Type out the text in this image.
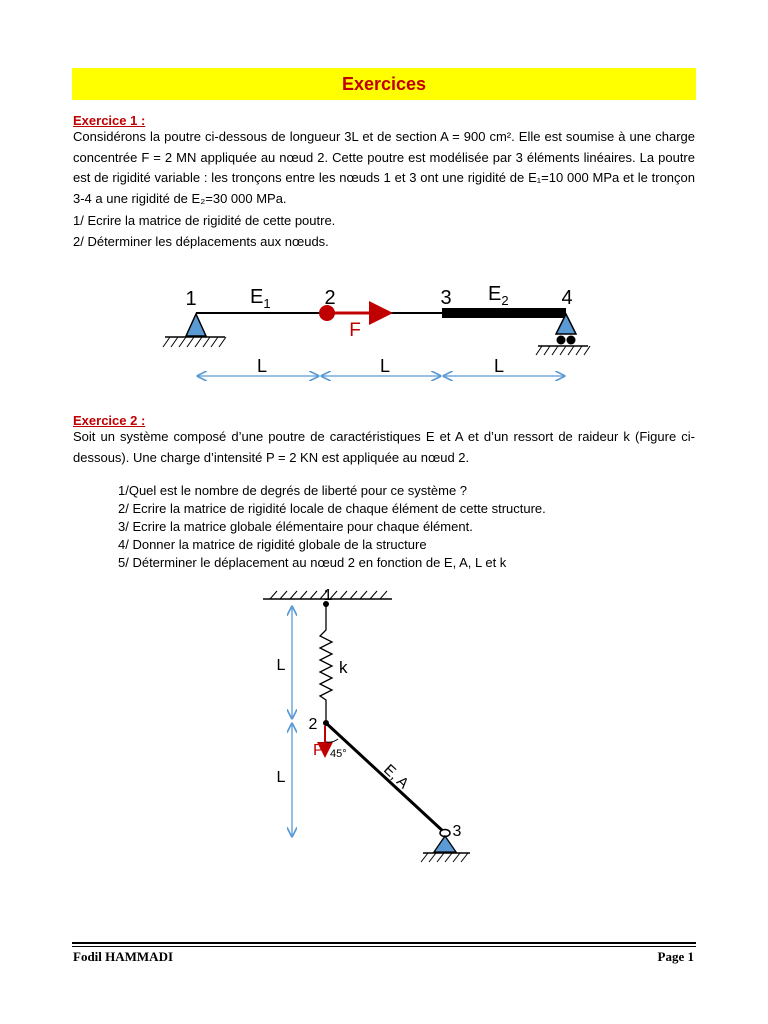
Exercices
Exercice 1 :
Considérons la poutre ci-dessous de longueur 3L et de section A = 900 cm². Elle est soumise à une charge concentrée F = 2 MN appliquée au nœud 2. Cette poutre est modélisée par 3 éléments linéaires. La poutre est de rigidité variable : les tronçons entre les nœuds 1 et 3 ont une rigidité de E₁=10 000 MPa et le tronçon 3-4 a une rigidité de E₂=30 000 MPa.
1/ Ecrire la matrice de rigidité de cette poutre.
2/ Déterminer les déplacements aux nœuds.
1	2	3	4
$E_1$	$E_2$
F
L	L	L
Exercice 2 :
Soit un système composé d’une poutre de caractéristiques E et A et d’un ressort de raideur k (Figure ci-dessous). Une charge d’intensité P = 2 KN est appliquée au nœud 2.
1/Quel est le nombre de degrés de liberté pour ce système ?
2/ Ecrire la matrice de rigidité locale de chaque élément de cette structure.
3/ Ecrire la matrice globale élémentaire pour chaque élément.
4/ Donner la matrice de rigidité globale de la structure
5/ Déterminer le déplacement au nœud 2 en fonction de E, A, L et k
1
2
3
k
P 45°
E, A
L
L
Fodil HAMMADI	Page 1
